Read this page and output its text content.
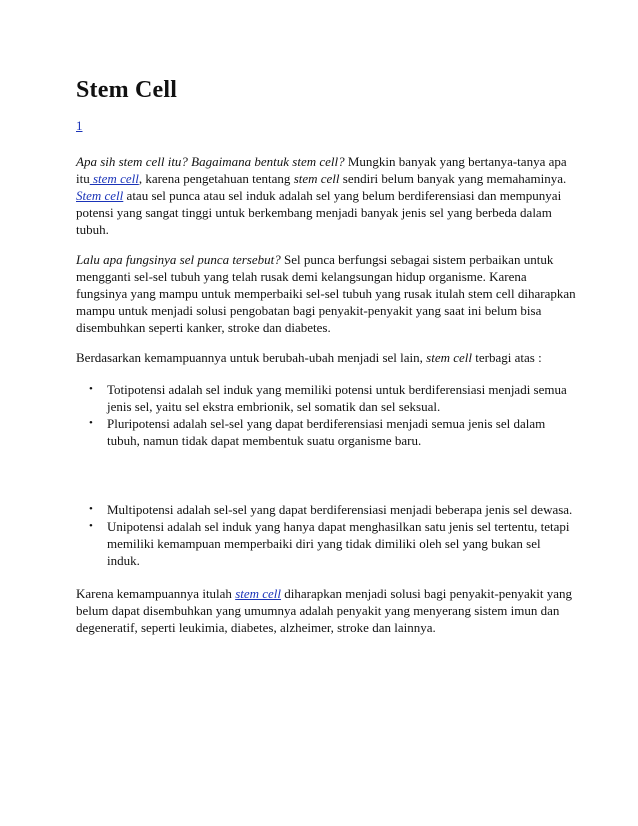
Stem Cell
1

Apa sih stem cell itu? Bagaimana bentuk stem cell? Mungkin banyak yang bertanya-tanya apa itu stem cell, karena pengetahuan tentang stem cell sendiri belum banyak yang memahaminya. Stem cell atau sel punca atau sel induk adalah sel yang belum berdiferensiasi dan mempunyai potensi yang sangat tinggi untuk berkembang menjadi banyak jenis sel yang berbeda dalam tubuh.

Lalu apa fungsinya sel punca tersebut? Sel punca berfungsi sebagai sistem perbaikan untuk mengganti sel-sel tubuh yang telah rusak demi kelangsungan hidup organisme. Karena fungsinya yang mampu untuk memperbaiki sel-sel tubuh yang rusak itulah stem cell diharapkan mampu untuk menjadi solusi pengobatan bagi penyakit-penyakit yang saat ini belum bisa disembuhkan seperti kanker, stroke dan diabetes.

Berdasarkan kemampuannya untuk berubah-ubah menjadi sel lain, stem cell terbagi atas :

• Totipotensi adalah sel induk yang memiliki potensi untuk berdiferensiasi menjadi semua jenis sel, yaitu sel ekstra embrionik, sel somatik dan sel seksual.
• Pluripotensi adalah sel-sel yang dapat berdiferensiasi menjadi semua jenis sel dalam tubuh, namun tidak dapat membentuk suatu organisme baru.
• Multipotensi adalah sel-sel yang dapat berdiferensiasi menjadi beberapa jenis sel dewasa.
• Unipotensi adalah sel induk yang hanya dapat menghasilkan satu jenis sel tertentu, tetapi memiliki kemampuan memperbaiki diri yang tidak dimiliki oleh sel yang bukan sel induk.

Karena kemampuannya itulah stem cell diharapkan menjadi solusi bagi penyakit-penyakit yang belum dapat disembuhkan yang umumnya adalah penyakit yang menyerang sistem imun dan degeneratif, seperti leukimia, diabetes, alzheimer, stroke dan lainnya.
